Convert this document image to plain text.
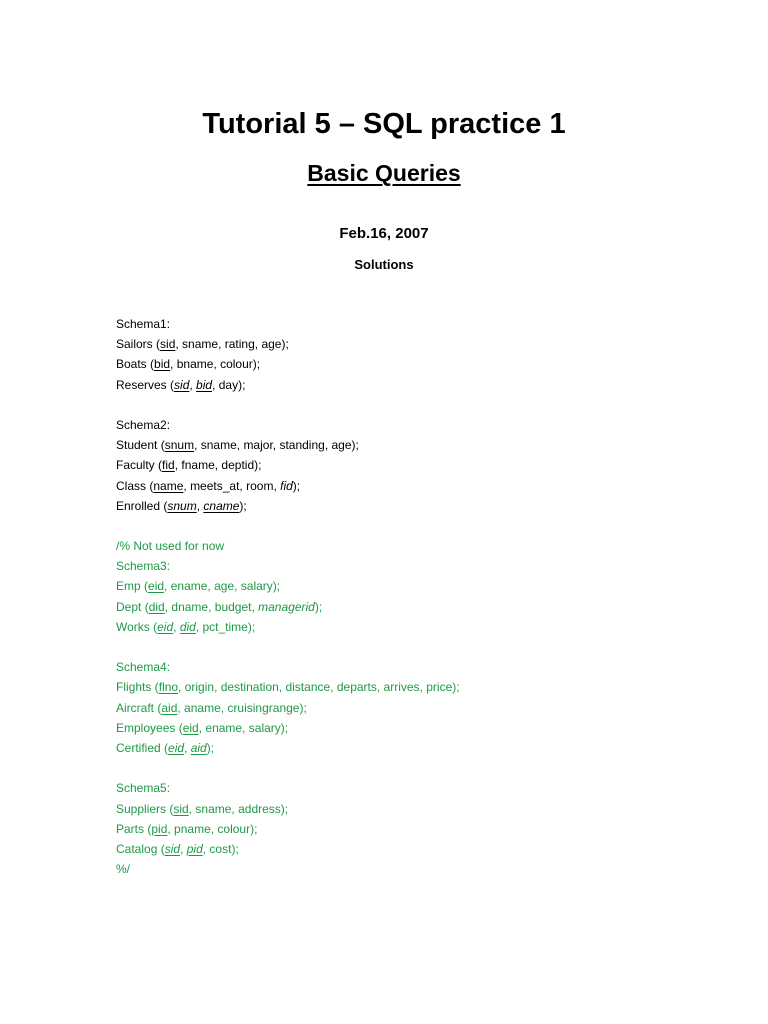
Tutorial 5 – SQL practice 1
Basic Queries
Feb.16, 2007
Solutions
Schema1:
Sailors (sid, sname, rating, age);
Boats (bid, bname, colour);
Reserves (sid, bid, day);
Schema2:
Student (snum, sname, major, standing, age);
Faculty (fid, fname, deptid);
Class (name, meets_at, room, fid);
Enrolled (snum, cname);
/% Not used for now
Schema3:
Emp (eid, ename, age, salary);
Dept (did, dname, budget, managerid);
Works (eid, did, pct_time);
Schema4:
Flights (flno, origin, destination, distance, departs, arrives, price);
Aircraft (aid, aname, cruisingrange);
Employees (eid, ename, salary);
Certified (eid, aid);
Schema5:
Suppliers (sid, sname, address);
Parts (pid, pname, colour);
Catalog (sid, pid, cost);
%/
